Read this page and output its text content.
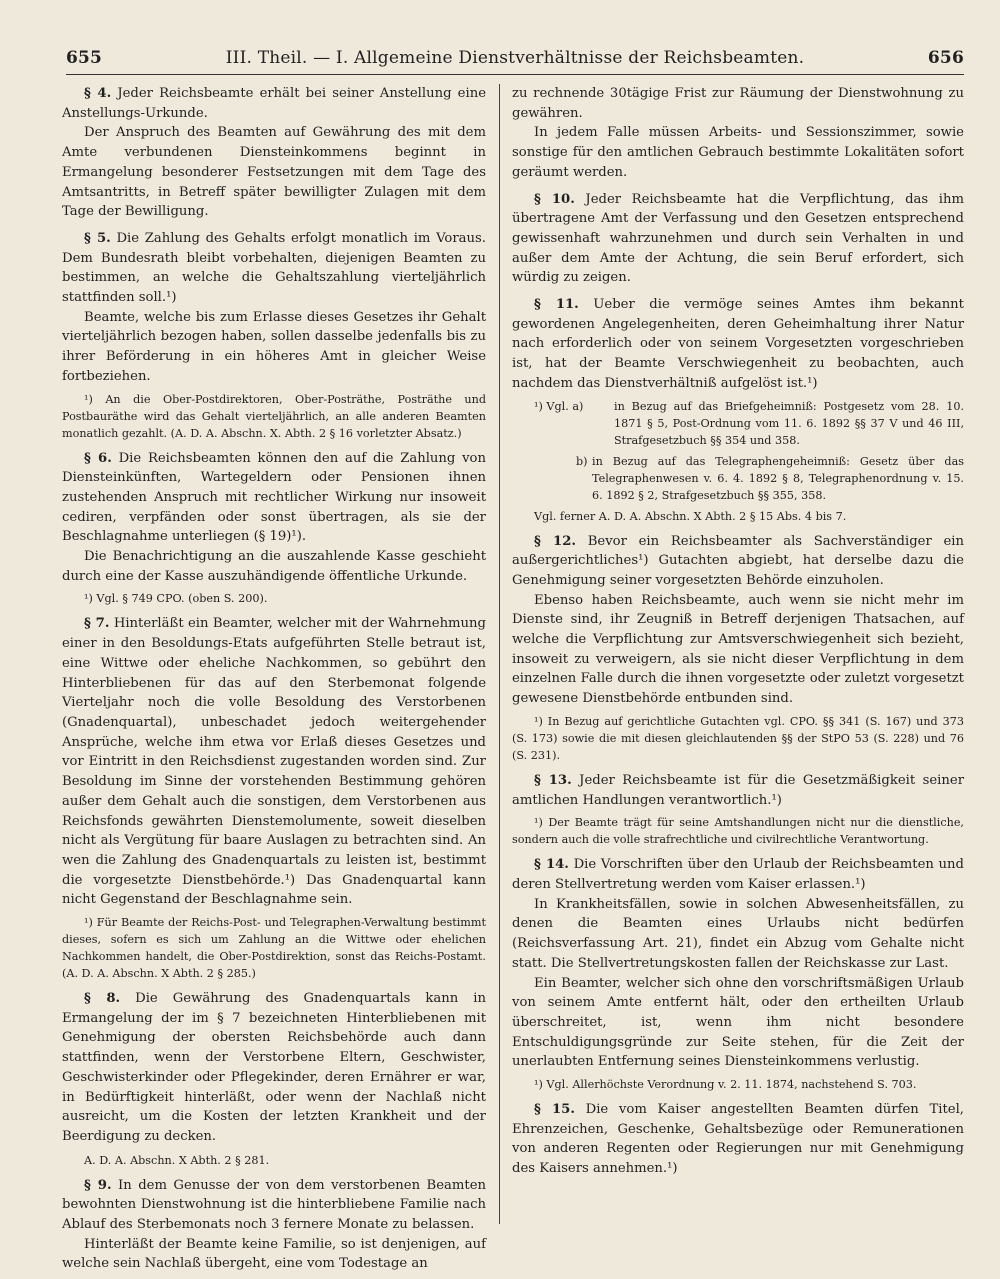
655	III. Theil. — I. Allgemeine Dienstverhältnisse der Reichsbeamten.	656

§ 4. Jeder Reichsbeamte erhält bei seiner Anstellung eine Anstellungs-Urkunde.

Der Anspruch des Beamten auf Gewährung des mit dem Amte verbundenen Diensteinkommens beginnt in Ermangelung besonderer Festsetzungen mit dem Tage des Amtsantritts, in Betreff später bewilligter Zulagen mit dem Tage der Bewilligung.

§ 5. Die Zahlung des Gehalts erfolgt monatlich im Voraus. Dem Bundesrath bleibt vorbehalten, diejenigen Beamten zu bestimmen, an welche die Gehaltszahlung vierteljährlich stattfinden soll.¹)

Beamte, welche bis zum Erlasse dieses Gesetzes ihr Gehalt vierteljährlich bezogen haben, sollen dasselbe jedenfalls bis zu ihrer Beförderung in ein höheres Amt in gleicher Weise fortbeziehen.

¹) An die Ober-Postdirektoren, Ober-Posträthe, Posträthe und Postbauräthe wird das Gehalt vierteljährlich, an alle anderen Beamten monatlich gezahlt. (A. D. A. Abschn. X. Abth. 2 § 16 vorletzter Absatz.)

§ 6. Die Reichsbeamten können den auf die Zahlung von Diensteinkünften, Wartegeldern oder Pensionen ihnen zustehenden Anspruch mit rechtlicher Wirkung nur insoweit cediren, verpfänden oder sonst übertragen, als sie der Beschlagnahme unterliegen (§ 19)¹).

Die Benachrichtigung an die auszahlende Kasse geschieht durch eine der Kasse auszuhändigende öffentliche Urkunde.

¹) Vgl. § 749 CPO. (oben S. 200).

§ 7. Hinterläßt ein Beamter, welcher mit der Wahrnehmung einer in den Besoldungs-Etats aufgeführten Stelle betraut ist, eine Wittwe oder eheliche Nachkommen, so gebührt den Hinterbliebenen für das auf den Sterbemonat folgende Vierteljahr noch die volle Besoldung des Verstorbenen (Gnadenquartal), unbeschadet jedoch weitergehender Ansprüche, welche ihm etwa vor Erlaß dieses Gesetzes und vor Eintritt in den Reichsdienst zugestanden worden sind. Zur Besoldung im Sinne der vorstehenden Bestimmung gehören außer dem Gehalt auch die sonstigen, dem Verstorbenen aus Reichsfonds gewährten Dienstemolumente, soweit dieselben nicht als Vergütung für baare Auslagen zu betrachten sind. An wen die Zahlung des Gnadenquartals zu leisten ist, bestimmt die vorgesetzte Dienstbehörde.¹) Das Gnadenquartal kann nicht Gegenstand der Beschlagnahme sein.

¹) Für Beamte der Reichs-Post- und Telegraphen-Verwaltung bestimmt dieses, sofern es sich um Zahlung an die Wittwe oder ehelichen Nachkommen handelt, die Ober-Postdirektion, sonst das Reichs-Postamt. (A. D. A. Abschn. X Abth. 2 § 285.)

§ 8. Die Gewährung des Gnadenquartals kann in Ermangelung der im § 7 bezeichneten Hinterbliebenen mit Genehmigung der obersten Reichsbehörde auch dann stattfinden, wenn der Verstorbene Eltern, Geschwister, Geschwisterkinder oder Pflegekinder, deren Ernährer er war, in Bedürftigkeit hinterläßt, oder wenn der Nachlaß nicht ausreicht, um die Kosten der letzten Krankheit und der Beerdigung zu decken.

A. D. A. Abschn. X Abth. 2 § 281.

§ 9. In dem Genusse der von dem verstorbenen Beamten bewohnten Dienstwohnung ist die hinterbliebene Familie nach Ablauf des Sterbemonats noch 3 fernere Monate zu belassen.

Hinterläßt der Beamte keine Familie, so ist denjenigen, auf welche sein Nachlaß übergeht, eine vom Todestage an

zu rechnende 30tägige Frist zur Räumung der Dienstwohnung zu gewähren.

In jedem Falle müssen Arbeits- und Sessionszimmer, sowie sonstige für den amtlichen Gebrauch bestimmte Lokalitäten sofort geräumt werden.

§ 10. Jeder Reichsbeamte hat die Verpflichtung, das ihm übertragene Amt der Verfassung und den Gesetzen entsprechend gewissenhaft wahrzunehmen und durch sein Verhalten in und außer dem Amte der Achtung, die sein Beruf erfordert, sich würdig zu zeigen.

§ 11. Ueber die vermöge seines Amtes ihm bekannt gewordenen Angelegenheiten, deren Geheimhaltung ihrer Natur nach erforderlich oder von seinem Vorgesetzten vorgeschrieben ist, hat der Beamte Verschwiegenheit zu beobachten, auch nachdem das Dienstverhältniß aufgelöst ist.¹)

¹) Vgl. a)	in Bezug auf das Briefgeheimniß: Postgesetz vom 28. 10. 1871 § 5, Post-Ordnung vom 11. 6. 1892 §§ 37 V und 46 III, Strafgesetzbuch §§ 354 und 358.
b) in Bezug auf das Telegraphengeheimniß: Gesetz über das Telegraphenwesen v. 6. 4. 1892 § 8, Telegraphenordnung v. 15. 6. 1892 § 2, Strafgesetzbuch §§ 355, 358.
Vgl. ferner A. D. A. Abschn. X Abth. 2 § 15 Abs. 4 bis 7.

§ 12. Bevor ein Reichsbeamter als Sachverständiger ein außergerichtliches¹) Gutachten abgiebt, hat derselbe dazu die Genehmigung seiner vorgesetzten Behörde einzuholen.

Ebenso haben Reichsbeamte, auch wenn sie nicht mehr im Dienste sind, ihr Zeugniß in Betreff derjenigen Thatsachen, auf welche die Verpflichtung zur Amtsverschwiegenheit sich bezieht, insoweit zu verweigern, als sie nicht dieser Verpflichtung in dem einzelnen Falle durch die ihnen vorgesetzte oder zuletzt vorgesetzt gewesene Dienstbehörde entbunden sind.

¹) In Bezug auf gerichtliche Gutachten vgl. CPO. §§ 341 (S. 167) und 373 (S. 173) sowie die mit diesen gleichlautenden §§ der StPO 53 (S. 228) und 76 (S. 231).

§ 13. Jeder Reichsbeamte ist für die Gesetzmäßigkeit seiner amtlichen Handlungen verantwortlich.¹)

¹) Der Beamte trägt für seine Amtshandlungen nicht nur die dienstliche, sondern auch die volle strafrechtliche und civilrechtliche Verantwortung.

§ 14. Die Vorschriften über den Urlaub der Reichsbeamten und deren Stellvertretung werden vom Kaiser erlassen.¹)

In Krankheitsfällen, sowie in solchen Abwesenheitsfällen, zu denen die Beamten eines Urlaubs nicht bedürfen (Reichsverfassung Art. 21), findet ein Abzug vom Gehalte nicht statt. Die Stellvertretungskosten fallen der Reichskasse zur Last.

Ein Beamter, welcher sich ohne den vorschriftsmäßigen Urlaub von seinem Amte entfernt hält, oder den ertheilten Urlaub überschreitet, ist, wenn ihm nicht besondere Entschuldigungsgründe zur Seite stehen, für die Zeit der unerlaubten Entfernung seines Diensteinkommens verlustig.

¹) Vgl. Allerhöchste Verordnung v. 2. 11. 1874, nachstehend S. 703.

§ 15. Die vom Kaiser angestellten Beamten dürfen Titel, Ehrenzeichen, Geschenke, Gehaltsbezüge oder Remunerationen von anderen Regenten oder Regierungen nur mit Genehmigung des Kaisers annehmen.¹)
